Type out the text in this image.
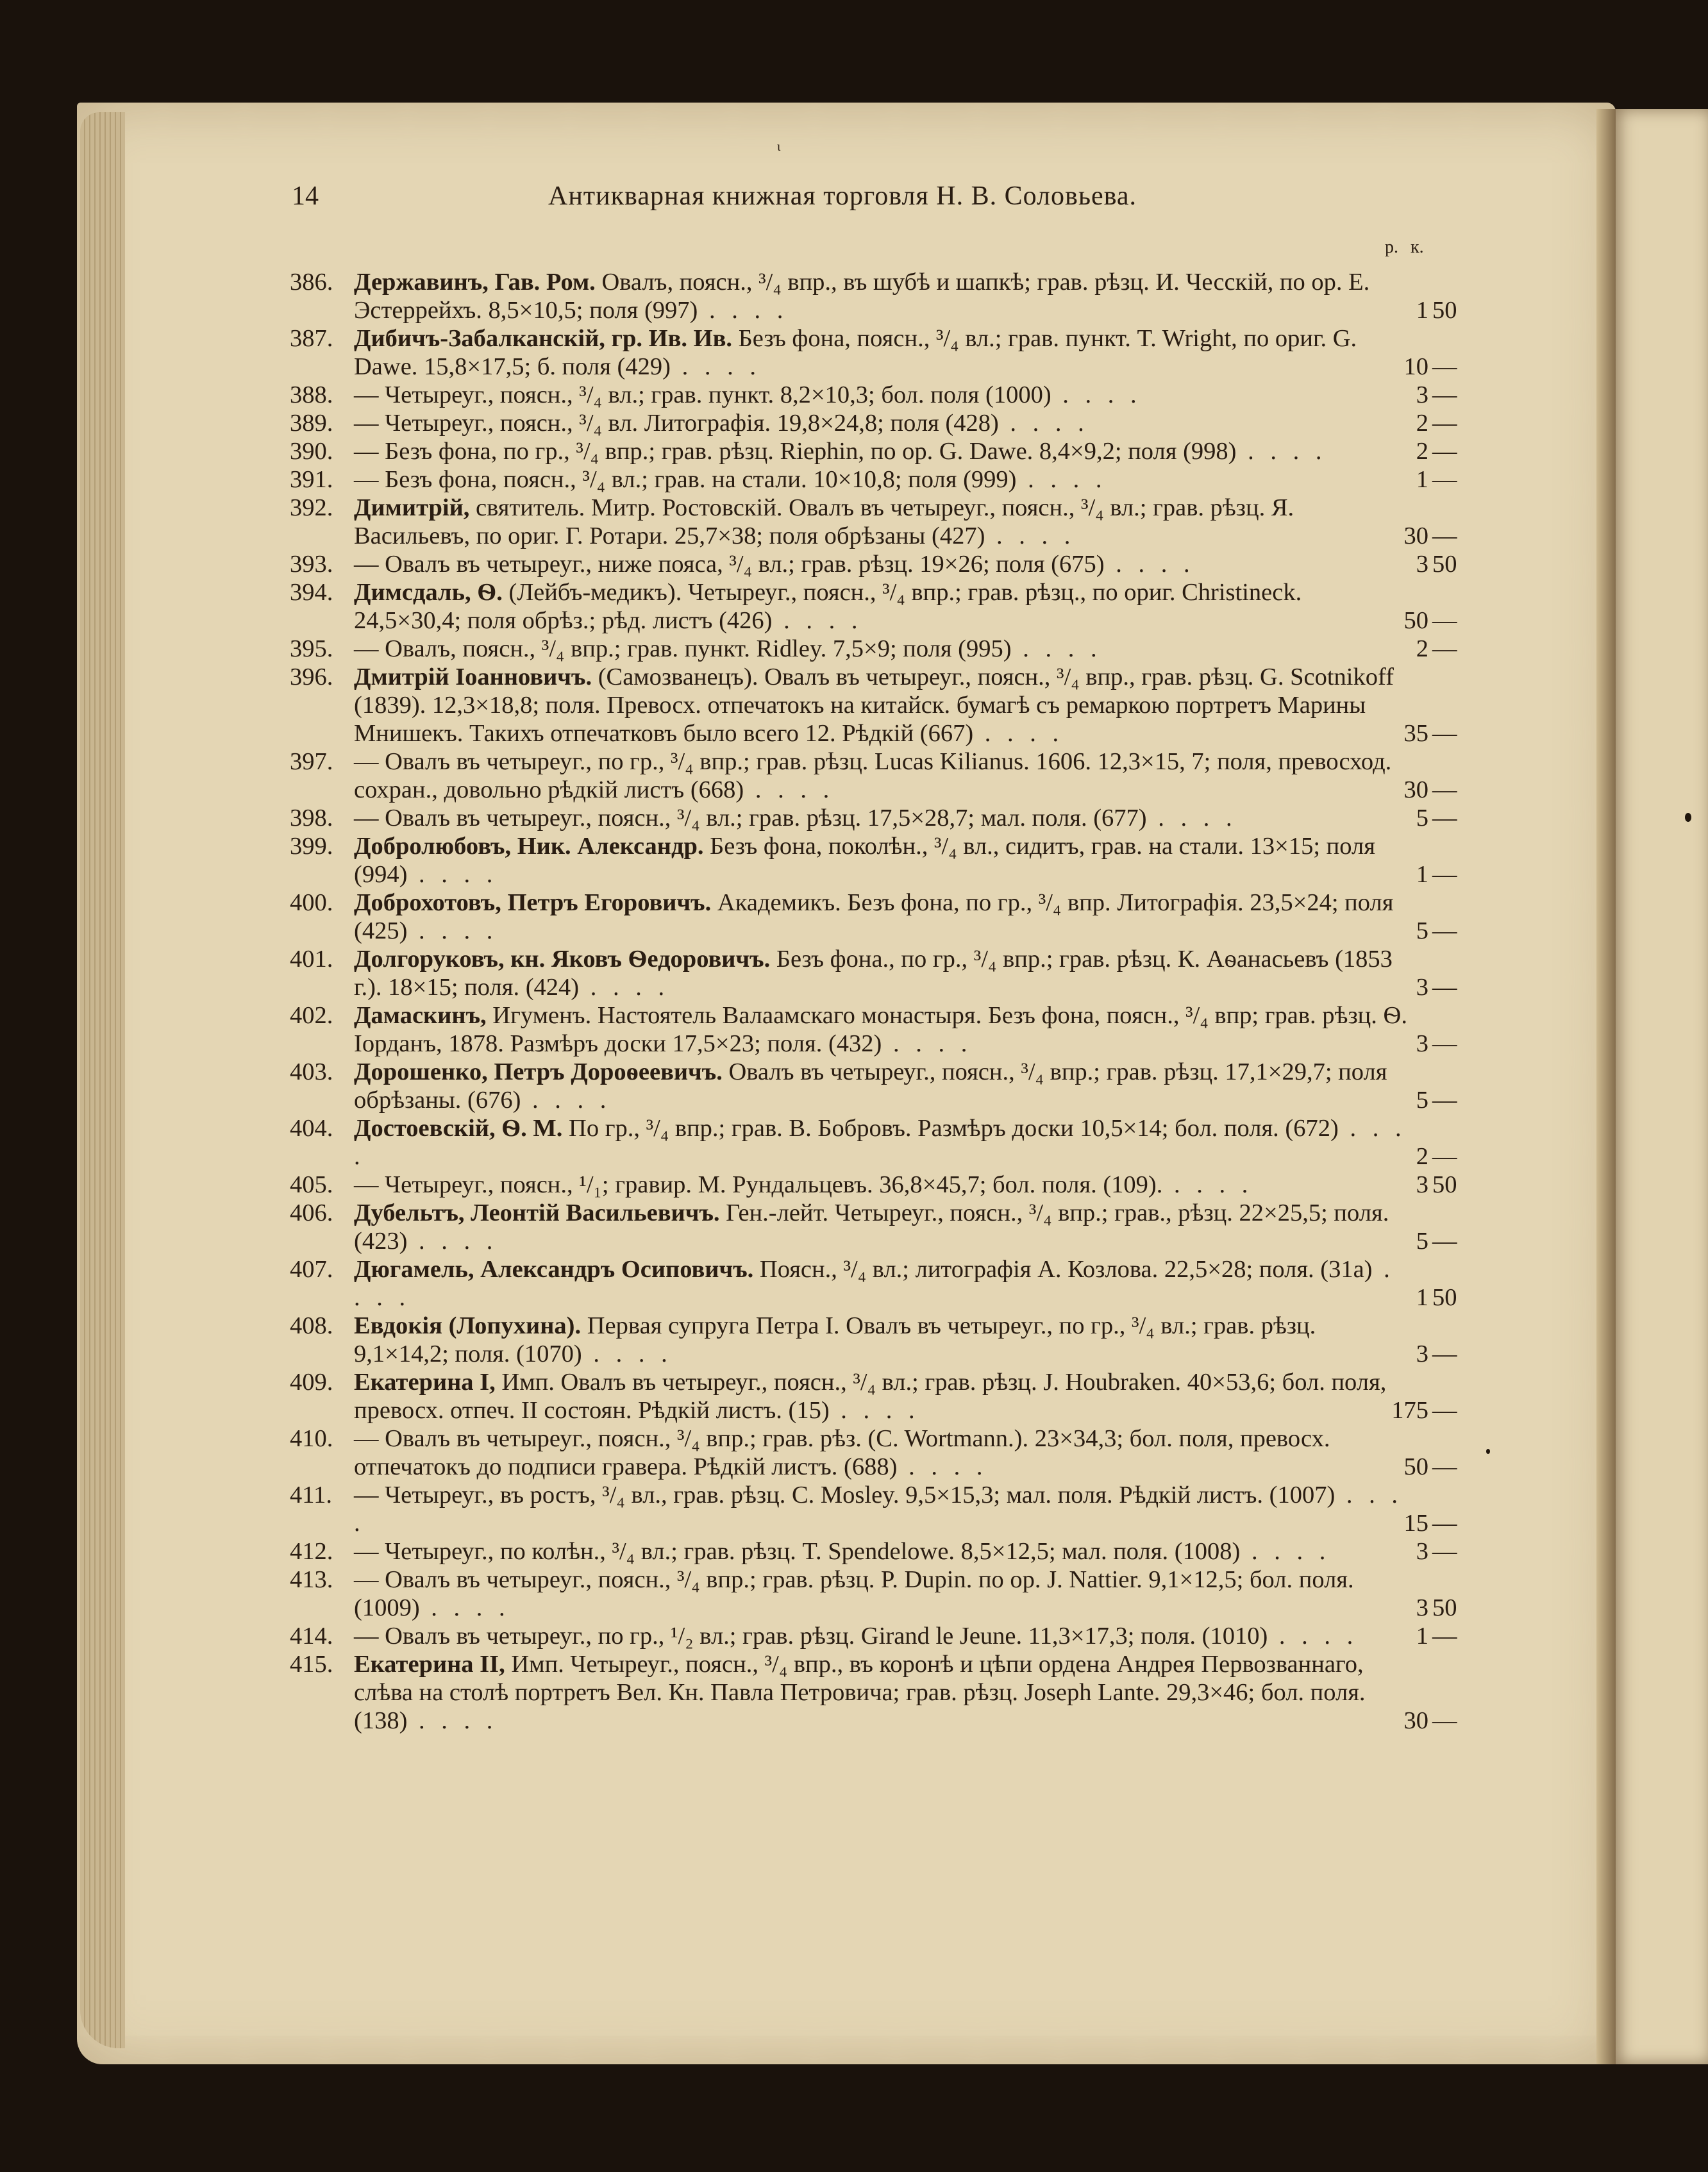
ι
14	Антикварная книжная торговля Н. В. Соловьева.
р. к.
386. Державинъ, Гав. Ром. Овалъ, поясн., ³/₄ впр., въ шубѣ и шапкѣ; грав. рѣзц. И. Чесскій, по ор. Е. Эстеррейхъ. 8,5×10,5; поля (997) . . . .	1 50
387. Дибичъ-Забалканскій, гр. Ив. Ив. Безъ фона, поясн., ³/₄ вл.; грав. пункт. T. Wright, по ориг. G. Dawe. 15,8×17,5; б. поля (429) . . . .	10 —
388. — Четыреуг., поясн., ³/₄ вл.; грав. пункт. 8,2×10,3; бол. поля (1000) . . . .	3 —
389. — Четыреуг., поясн., ³/₄ вл. Литографія. 19,8×24,8; поля (428) . . . .	2 —
390. — Безъ фона, по гр., ³/₄ впр.; грав. рѣзц. Riephin, по ор. G. Dawe. 8,4×9,2; поля (998) . . . .	2 —
391. — Безъ фона, поясн., ³/₄ вл.; грав. на стали. 10×10,8; поля (999) . . . .	1 —
392. Димитрій, святитель. Митр. Ростовскій. Овалъ въ четыреуг., поясн., ³/₄ вл.; грав. рѣзц. Я. Васильевъ, по ориг. Г. Ротари. 25,7×38; поля обрѣзаны (427) . . . .	30 —
393. — Овалъ въ четыреуг., ниже пояса, ³/₄ вл.; грав. рѣзц. 19×26; поля (675) . . . .	3 50
394. Димсдаль, Ѳ. (Лейбъ-медикъ). Четыреуг., поясн., ³/₄ впр.; грав. рѣзц., по ориг. Christineck. 24,5×30,4; поля обрѣз.; рѣд. листъ (426) . . . .	50 —
395. — Овалъ, поясн., ³/₄ впр.; грав. пункт. Ridley. 7,5×9; поля (995) . . . .	2 —
396. Дмитрій Іоанновичъ. (Самозванецъ). Овалъ въ четыреуг., поясн., ³/₄ впр., грав. рѣзц. G. Scotnikoff (1839). 12,3×18,8; поля. Превосх. отпечатокъ на китайск. бумагѣ съ ремаркою портретъ Марины Мнишекъ. Такихъ отпечатковъ было всего 12. Рѣдкій (667) . . . .	35 —
397. — Овалъ въ четыреуг., по гр., ³/₄ впр.; грав. рѣзц. Lucas Kilianus. 1606. 12,3×15, 7; поля, превосход. сохран., довольно рѣдкій листъ (668) . . . .	30 —
398. — Овалъ въ четыреуг., поясн., ³/₄ вл.; грав. рѣзц. 17,5×28,7; мал. поля. (677) . . . .	5 —
399. Добролюбовъ, Ник. Александр. Безъ фона, поколѣн., ³/₄ вл., сидитъ, грав. на стали. 13×15; поля (994) . . . .	1 —
400. Доброхотовъ, Петръ Егоровичъ. Академикъ. Безъ фона, по гр., ³/₄ впр. Литографія. 23,5×24; поля (425) . . . .	5 —
401. Долгоруковъ, кн. Яковъ Ѳедоровичъ. Безъ фона., по гр., ³/₄ впр.; грав. рѣзц. К. Аѳанасьевъ (1853 г.). 18×15; поля. (424) . . . .	3 —
402. Дамаскинъ, Игуменъ. Настоятель Валаамскаго монастыря. Безъ фона, поясн., ³/₄ впр; грав. рѣзц. Ѳ. Іорданъ, 1878. Размѣръ доски 17,5×23; поля. (432) . . . .	3 —
403. Дорошенко, Петръ Дороѳеевичъ. Овалъ въ четыреуг., поясн., ³/₄ впр.; грав. рѣзц. 17,1×29,7; поля обрѣзаны. (676) . . . .	5 —
404. Достоевскій, Ѳ. М. По гр., ³/₄ впр.; грав. В. Бобровъ. Размѣръ доски 10,5×14; бол. поля. (672) . . . .	2 —
405. — Четыреуг., поясн., ¹/₁; гравир. М. Рундальцевъ. 36,8×45,7; бол. поля. (109). . . . .	3 50
406. Дубельтъ, Леонтій Васильевичъ. Ген.-лейт. Четыреуг., поясн., ³/₄ впр.; грав., рѣзц. 22×25,5; поля. (423) . . . .	5 —
407. Дюгамель, Александръ Осиповичъ. Поясн., ³/₄ вл.; литографія А. Козлова. 22,5×28; поля. (31a) . . . .	1 50
408. Евдокія (Лопухина). Первая супруга Петра I. Овалъ въ четыреуг., по гр., ³/₄ вл.; грав. рѣзц. 9,1×14,2; поля. (1070) . . . .	3 —
409. Екатерина I, Имп. Овалъ въ четыреуг., поясн., ³/₄ вл.; грав. рѣзц. J. Houbraken. 40×53,6; бол. поля, превосх. отпеч. II состоян. Рѣдкій листъ. (15) . . . .	175 —
410. — Овалъ въ четыреуг., поясн., ³/₄ впр.; грав. рѣз. (C. Wortmann.). 23×34,3; бол. поля, превосх. отпечатокъ до подписи гравера. Рѣдкій листъ. (688) . . . .	50 —
411. — Четыреуг., въ ростъ, ³/₄ вл., грав. рѣзц. C. Mosley. 9,5×15,3; мал. поля. Рѣдкій листъ. (1007) . . . .	15 —
412. — Четыреуг., по колѣн., ³/₄ вл.; грав. рѣзц. T. Spendelowe. 8,5×12,5; мал. поля. (1008) . . . .	3 —
413. — Овалъ въ четыреуг., поясн., ³/₄ впр.; грав. рѣзц. P. Dupin. по ор. J. Nattier. 9,1×12,5; бол. поля. (1009) . . . .	3 50
414. — Овалъ въ четыреуг., по гр., ¹/₂ вл.; грав. рѣзц. Girand le Jeune. 11,3×17,3; поля. (1010) . . . .	1 —
415. Екатерина II, Имп. Четыреуг., поясн., ³/₄ впр., въ коронѣ и цѣпи ордена Андрея Первозваннаго, слѣва на столѣ портретъ Вел. Кн. Павла Петровича; грав. рѣзц. Joseph Lante. 29,3×46; бол. поля. (138) . . . .	30 —
